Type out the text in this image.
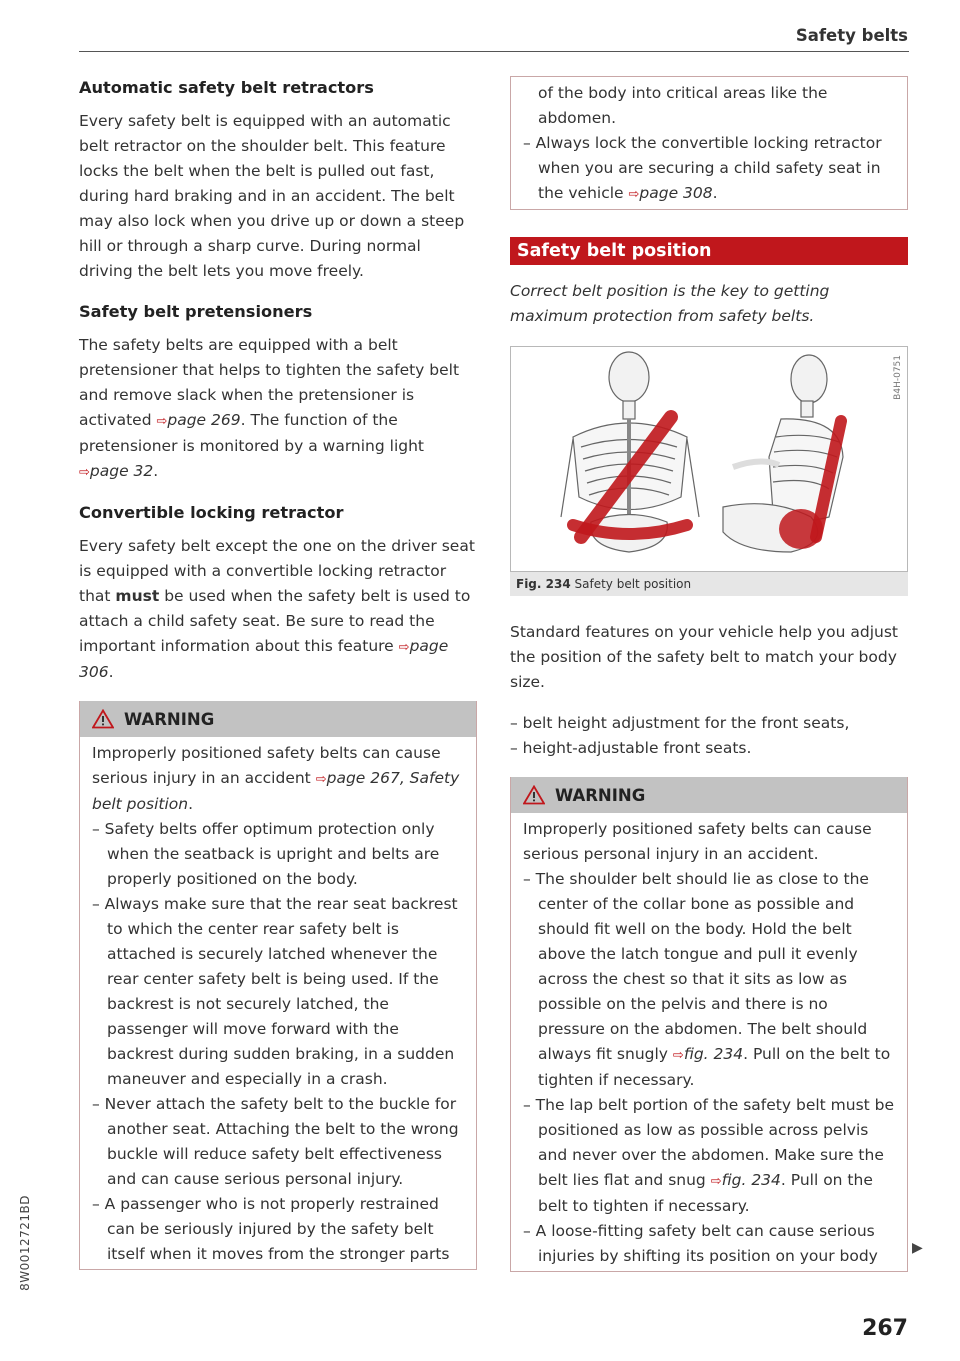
Safety belts
Automatic safety belt retractors

Every safety belt is equipped with an automatic belt retractor on the shoulder belt. This feature locks the belt when the belt is pulled out fast, during hard braking and in an accident. The belt may also lock when you drive up or down a steep hill or through a sharp curve. During normal driving the belt lets you move freely.

Safety belt pretensioners

The safety belts are equipped with a belt pretensioner that helps to tighten the safety belt and remove slack when the pretensioner is activated ⇨page 269. The function of the pretensioner is monitored by a warning light ⇨page 32.

Convertible locking retractor

Every safety belt except the one on the driver seat is equipped with a convertible locking retractor that must be used when the safety belt is used to attach a child safety seat. Be sure to read the important information about this feature ⇨page 306.

WARNING

Improperly positioned safety belts can cause serious injury in an accident ⇨page 267, Safety belt position.

– Safety belts offer optimum protection only when the seatback is upright and belts are properly positioned on the body.

– Always make sure that the rear seat backrest to which the center rear safety belt is attached is securely latched whenever the rear center safety belt is being used. If the backrest is not securely latched, the passenger will move forward with the backrest during sudden braking, in a sudden maneuver and especially in a crash.

– Never attach the safety belt to the buckle for another seat. Attaching the belt to the wrong buckle will reduce safety belt effectiveness and can cause serious personal injury.

– A passenger who is not properly restrained can be seriously injured by the safety belt itself when it moves from the stronger parts

of the body into critical areas like the abdomen.

– Always lock the convertible locking retractor when you are securing a child safety seat in the vehicle ⇨page 308.

Safety belt position
Correct belt position is the key to getting maximum protection from safety belts.
B4H-0751
Fig. 234 Safety belt position

Standard features on your vehicle help you adjust the position of the safety belt to match your body size.

– belt height adjustment for the front seats,

– height-adjustable front seats.

WARNING

Improperly positioned safety belts can cause serious personal injury in an accident.

– The shoulder belt should lie as close to the center of the collar bone as possible and should fit well on the body. Hold the belt above the latch tongue and pull it evenly across the chest so that it sits as low as possible on the pelvis and there is no pressure on the abdomen. The belt should always fit snugly ⇨fig. 234. Pull on the belt to tighten if necessary.

– The lap belt portion of the safety belt must be positioned as low as possible across pelvis and never over the abdomen. Make sure the belt lies flat and snug ⇨fig. 234. Pull on the belt to tighten if necessary.

– A loose-fitting safety belt can cause serious injuries by shifting its position on your body	▶
267
8W0012721BD
